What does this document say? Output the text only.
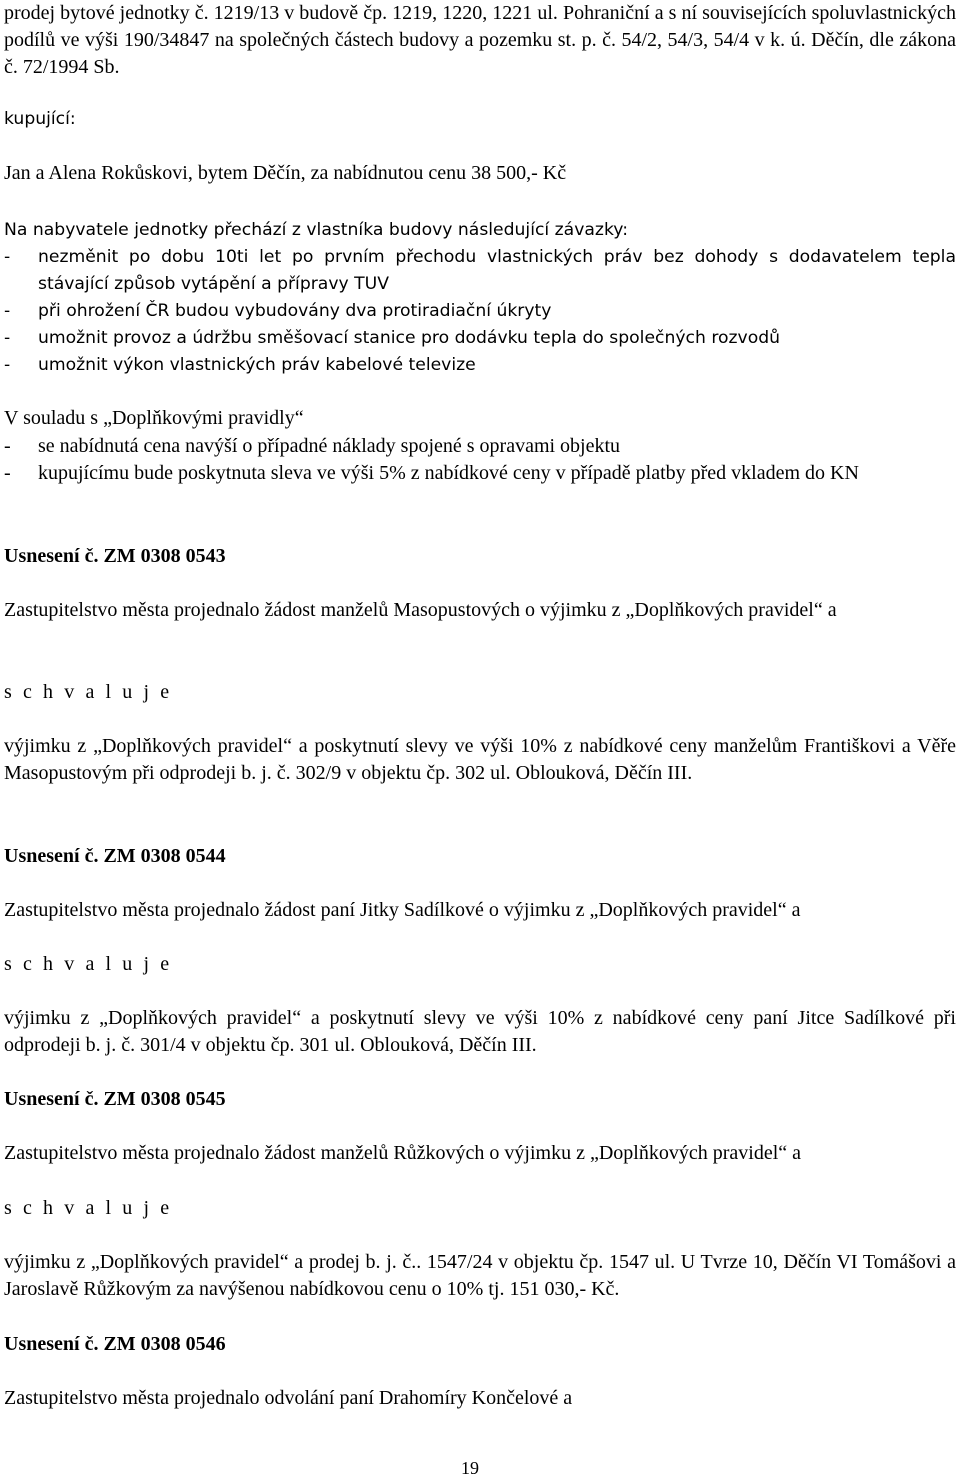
prodej bytové jednotky č. 1219/13 v budově čp. 1219, 1220, 1221 ul. Pohraniční a s ní souvisejících spoluvlastnických podílů ve výši 190/34847 na společných částech budovy a pozemku st. p. č. 54/2, 54/3, 54/4 v k. ú. Děčín, dle zákona č. 72/1994 Sb.

kupující:

Jan a Alena Rokůskovi, bytem Děčín, za nabídnutou cenu 38 500,- Kč

Na nabyvatele jednotky přechází z vlastníka budovy následující závazky:

-	nezměnit po dobu 10ti let po prvním přechodu vlastnických práv bez dohody s dodavatelem tepla stávající způsob vytápění a přípravy TUV
-	při ohrožení ČR budou vybudovány dva protiradiační úkryty
-	umožnit provoz a údržbu směšovací stanice pro dodávku tepla do společných rozvodů
-	umožnit výkon vlastnických práv kabelové televize

V souladu s „Doplňkovými pravidly“

-	se nabídnutá cena navýší o případné náklady spojené s opravami objektu
-	kupujícímu bude poskytnuta sleva ve výši 5% z nabídkové ceny v případě platby před vkladem do KN

Usnesení č. ZM 0308 0543

Zastupitelstvo města projednalo žádost manželů Masopustových o výjimku z „Doplňkových pravidel“ a

s c h v a l u j e

výjimku z „Doplňkových pravidel“ a poskytnutí slevy ve výši 10% z nabídkové ceny manželům Františkovi a Věře Masopustovým při odprodeji b. j. č. 302/9 v objektu čp. 302 ul. Oblouková, Děčín III.

Usnesení č. ZM 0308 0544

Zastupitelstvo města projednalo žádost paní Jitky Sadílkové o výjimku z „Doplňkových pravidel“ a

s c h v a l u j e

výjimku z „Doplňkových pravidel“ a poskytnutí slevy ve výši 10% z nabídkové ceny paní Jitce Sadílkové při odprodeji b. j. č. 301/4 v objektu čp. 301 ul. Oblouková, Děčín III.

Usnesení č. ZM 0308 0545

Zastupitelstvo města projednalo žádost manželů Růžkových o výjimku z „Doplňkových pravidel“ a

s c h v a l u j e

výjimku z „Doplňkových pravidel“ a prodej b. j. č.. 1547/24 v objektu čp. 1547 ul. U Tvrze 10, Děčín VI Tomášovi a Jaroslavě Růžkovým za navýšenou nabídkovou cenu o 10% tj. 151 030,- Kč.

Usnesení č. ZM 0308 0546

Zastupitelstvo města projednalo odvolání paní Drahomíry Končelové a

19
